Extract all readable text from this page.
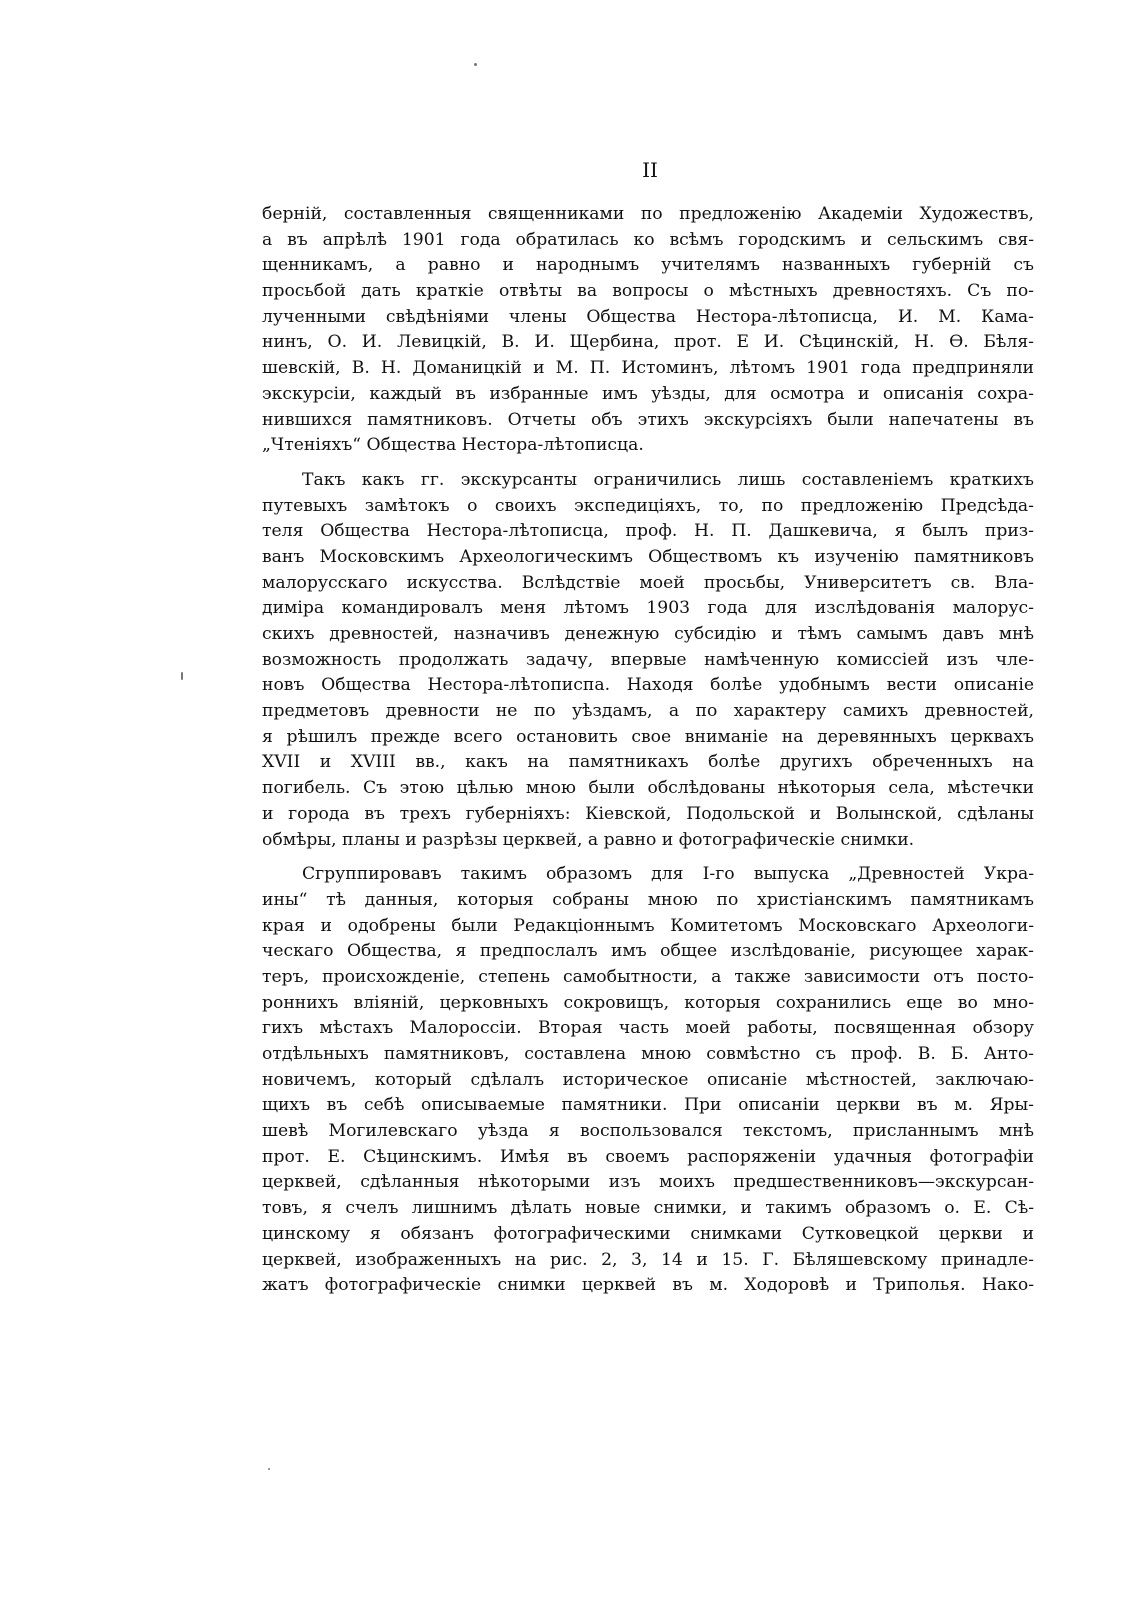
II
берній, составленныя священниками по предложенію Академіи Художествъ,
а въ апрѣлѣ 1901 года обратилась ко всѣмъ городскимъ и сельскимъ свя-
щенникамъ, а равно и народнымъ учителямъ названныхъ губерній съ
просьбой дать краткіе отвѣты ва вопросы о мѣстныхъ древностяхъ. Съ по-
лученными свѣдѣніями члены Общества Нестора-лѣтописца, И. М. Кама-
нинъ, О. И. Левицкій, В. И. Щербина, прот. Е И. Сѣцинскій, Н. Ѳ. Бѣля-
шевскій, В. Н. Доманицкій и М. П. Истоминъ, лѣтомъ 1901 года предприняли
экскурсіи, каждый въ избранные имъ уѣзды, для осмотра и описанія сохра-
нившихся памятниковъ. Отчеты объ этихъ экскурсіяхъ были напечатены въ
„Чтеніяхъ“ Общества Нестора-лѣтописца.
Такъ какъ гг. экскурсанты ограничились лишь составленіемъ краткихъ
путевыхъ замѣтокъ о своихъ экспедиціяхъ, то, по предложенію Предсѣда-
теля Общества Нестора-лѣтописца, проф. Н. П. Дашкевича, я былъ приз-
ванъ Московскимъ Археологическимъ Обществомъ къ изученію памятниковъ
малорусскаго искусства. Вслѣдствіе моей просьбы, Университетъ св. Вла-
диміра командировалъ меня лѣтомъ 1903 года для изслѣдованія малорус-
скихъ древностей, назначивъ денежную субсидію и тѣмъ самымъ давъ мнѣ
возможность продолжать задачу, впервые намѣченную комиссіей изъ чле-
новъ Общества Нестора-лѣтописпа. Находя болѣе удобнымъ вести описаніе
предметовъ древности не по уѣздамъ, а по характеру самихъ древностей,
я рѣшилъ прежде всего остановить свое вниманіе на деревянныхъ церквахъ
XVII и XVIII вв., какъ на памятникахъ болѣе другихъ обреченныхъ на
погибель. Съ этою цѣлью мною были обслѣдованы нѣкоторыя села, мѣстечки
и города въ трехъ губерніяхъ: Кіевской, Подольской и Волынской, сдѣланы
обмѣры, планы и разрѣзы церквей, а равно и фотографическіе снимки.
Сгруппировавъ такимъ образомъ для І-го выпуска „Древностей Укра-
ины“ тѣ данныя, которыя собраны мною по христіанскимъ памятникамъ
края и одобрены были Редакціоннымъ Комитетомъ Московскаго Археологи-
ческаго Общества, я предпослалъ имъ общее изслѣдованіе, рисующее харак-
теръ, происхожденіе, степень самобытности, а также зависимости отъ посто-
роннихъ вліяній, церковныхъ сокровищъ, которыя сохранились еще во мно-
гихъ мѣстахъ Малороссіи. Вторая часть моей работы, посвященная обзору
отдѣльныхъ памятниковъ, составлена мною совмѣстно съ проф. В. Б. Анто-
новичемъ, который сдѣлалъ историческое описаніе мѣстностей, заключаю-
щихъ въ себѣ описываемые памятники. При описаніи церкви въ м. Яры-
шевѣ Могилевскаго уѣзда я воспользовался текстомъ, присланнымъ мнѣ
прот. Е. Сѣцинскимъ. Имѣя въ своемъ распоряженіи удачныя фотографіи
церквей, сдѣланныя нѣкоторыми изъ моихъ предшественниковъ—экскурсан-
товъ, я счелъ лишнимъ дѣлать новые снимки, и такимъ образомъ о. Е. Сѣ-
цинскому я обязанъ фотографическими снимками Сутковецкой церкви и
церквей, изображенныхъ на рис. 2, 3, 14 и 15. Г. Бѣляшевскому принадле-
жатъ фотографическіе снимки церквей въ м. Ходоровѣ и Триполья. Нако-
